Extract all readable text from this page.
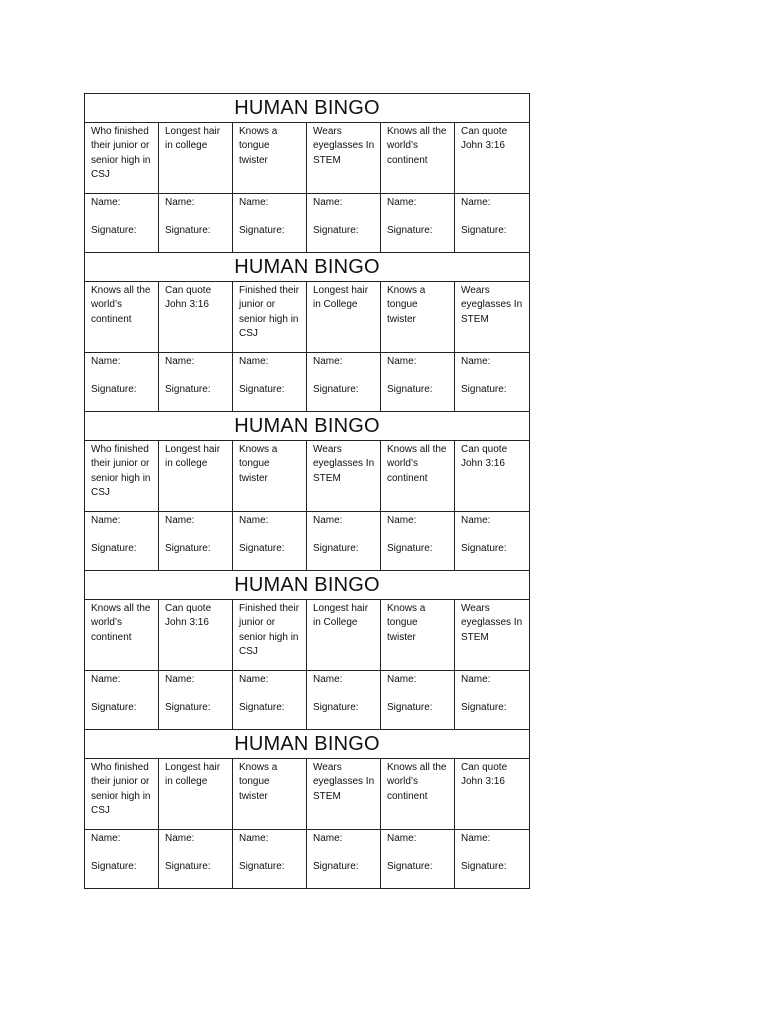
HUMAN BINGO
Who finished their junior or senior high in CSJ
Longest hair in college
Knows a tongue twister
Wears eyeglasses In STEM
Knows all the world’s continent
Can quote John 3:16
Name:
Signature:
Name:
Signature:
Name:
Signature:
Name:
Signature:
Name:
Signature:
Name:
Signature:
HUMAN BINGO
Knows all the world’s continent
Can quote John 3:16
Finished their junior or senior high in CSJ
Longest hair in College
Knows a tongue twister
Wears eyeglasses In STEM
Name:
Signature:
Name:
Signature:
Name:
Signature:
Name:
Signature:
Name:
Signature:
Name:
Signature:
HUMAN BINGO
Who finished their junior or senior high in CSJ
Longest hair in college
Knows a tongue twister
Wears eyeglasses In STEM
Knows all the world’s continent
Can quote John 3:16
Name:
Signature:
Name:
Signature:
Name:
Signature:
Name:
Signature:
Name:
Signature:
Name:
Signature:
HUMAN BINGO
Knows all the world’s continent
Can quote John 3:16
Finished their junior or senior high in CSJ
Longest hair in College
Knows a tongue twister
Wears eyeglasses In STEM
Name:
Signature:
Name:
Signature:
Name:
Signature:
Name:
Signature:
Name:
Signature:
Name:
Signature:
HUMAN BINGO
Who finished their junior or senior high in CSJ
Longest hair in college
Knows a tongue twister
Wears eyeglasses In STEM
Knows all the world’s continent
Can quote John 3:16
Name:
Signature:
Name:
Signature:
Name:
Signature:
Name:
Signature:
Name:
Signature:
Name:
Signature:
